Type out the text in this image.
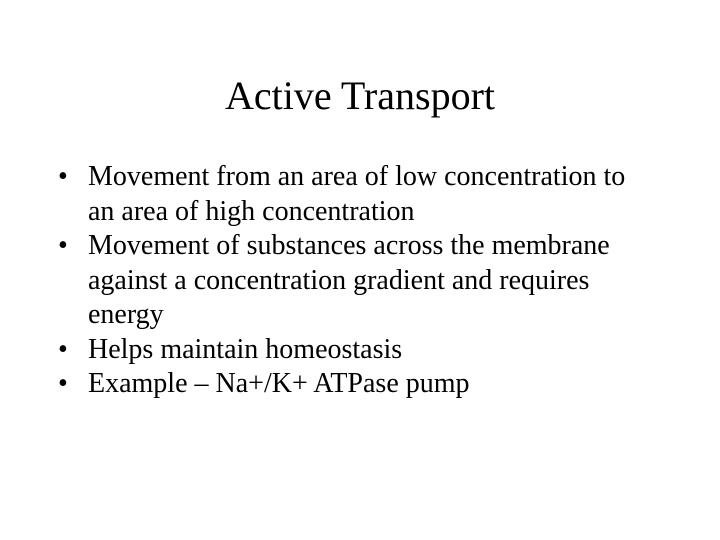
Active Transport
• Movement from an area of low concentration to an area of high concentration
• Movement of substances across the membrane against a concentration gradient and requires energy
• Helps maintain homeostasis
• Example – Na+/K+ ATPase pump
